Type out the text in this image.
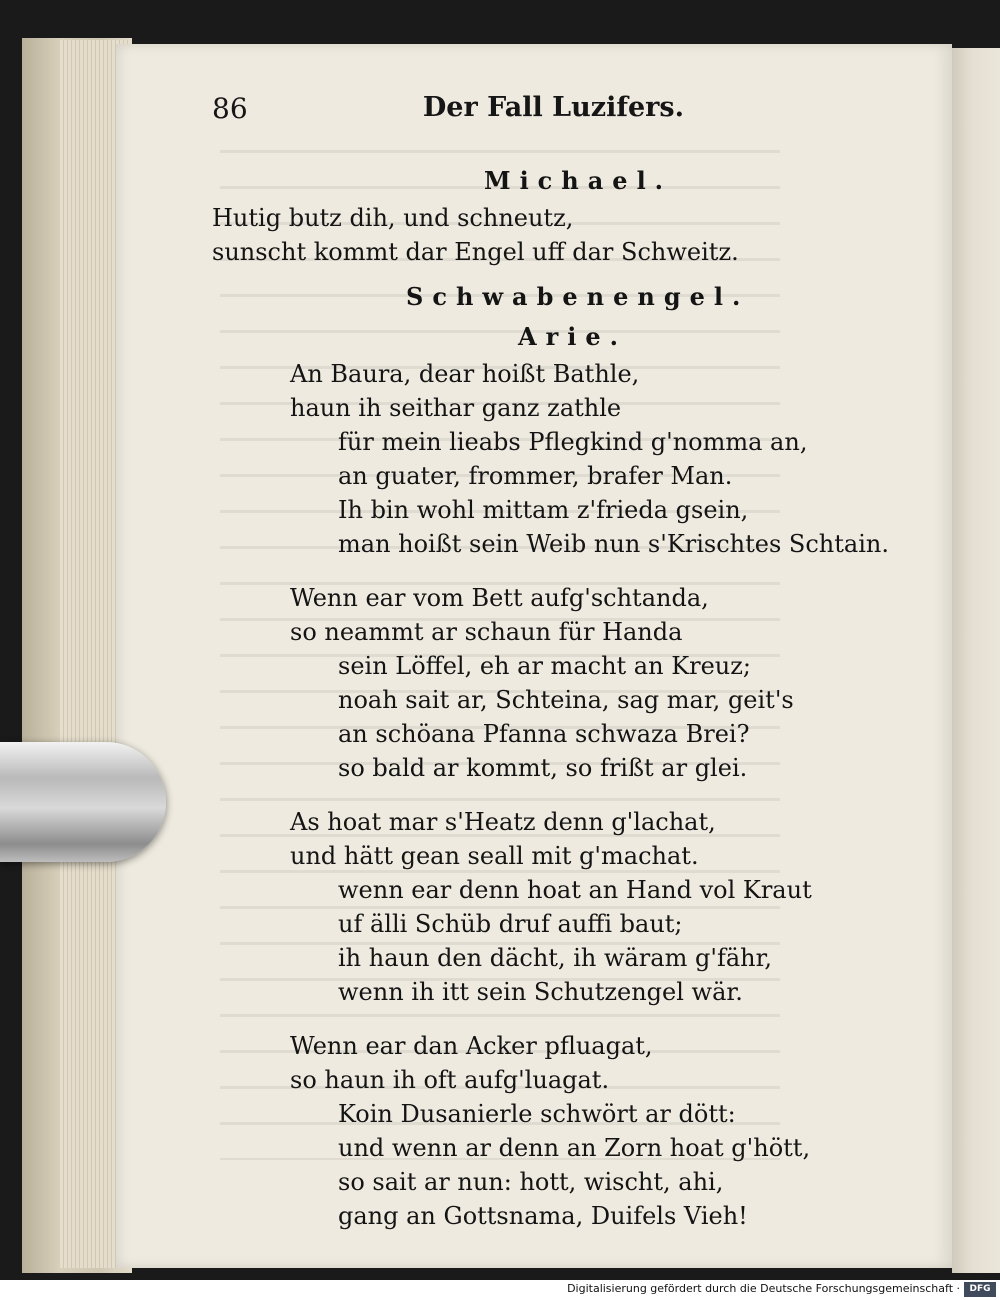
86	Der Fall Luzifers.
Michael.
Hutig butz dih, und schneutz,
sunscht kommt dar Engel uff dar Schweitz.
Schwabenengel.
Arie.
An Baura, dear hoißt Bathle,
haun ih seithar ganz zathle
für mein lieabs Pflegkind g'nomma an,
an guater, frommer, brafer Man.
Ih bin wohl mittam z'frieda gsein,
man hoißt sein Weib nun s'Krischtes Schtain.
Wenn ear vom Bett aufg'schtanda,
so neammt ar schaun für Handa
sein Löffel, eh ar macht an Kreuz;
noah sait ar, Schteina, sag mar, geit's
an schöana Pfanna schwaza Brei?
so bald ar kommt, so frißt ar glei.
As hoat mar s'Heatz denn g'lachat,
und hätt gean seall mit g'machat.
wenn ear denn hoat an Hand vol Kraut
uf älli Schüb druf auffi baut;
ih haun den dächt, ih wäram g'fähr,
wenn ih itt sein Schutzengel wär.
Wenn ear dan Acker pfluagat,
so haun ih oft aufg'luagat.
Koin Dusanierle schwört ar dött:
und wenn ar denn an Zorn hoat g'hött,
so sait ar nun: hott, wischt, ahi,
gang an Gottsnama, Duifels Vieh!
Digitalisierung gefördert durch die Deutsche Forschungsgemeinschaft ·	DFG
